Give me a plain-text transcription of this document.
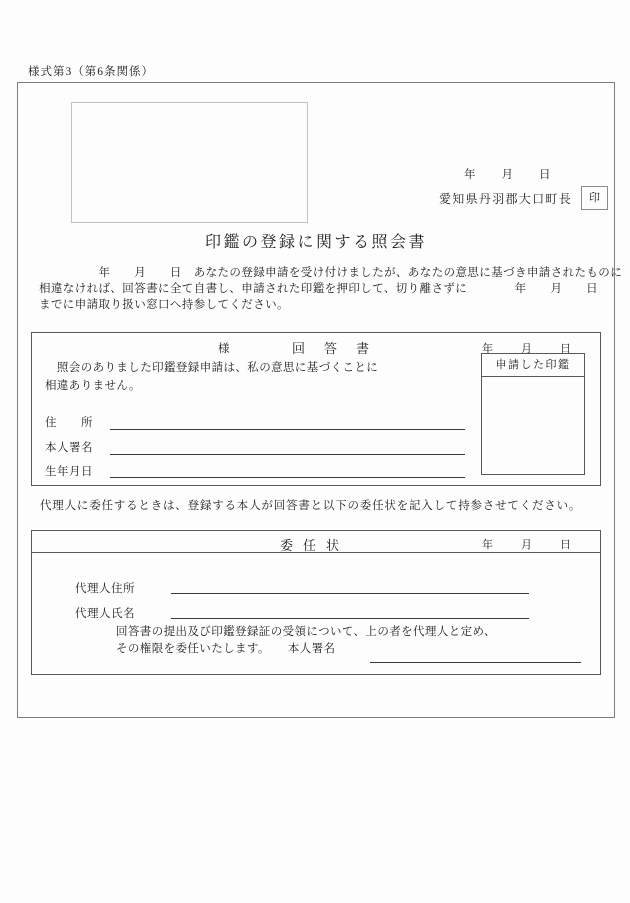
様式第3（第6条関係）
年　　月　　日
愛知県丹羽郡大口町長	印
印鑑の登録に関する照会書
　　　　　年　　月　　日　あなたの登録申請を受け付けましたが、あなたの意思に基づき申請されたものに
相違なければ、回答書に全て自書し、申請された印鑑を押印して、切り離さずに　　　　年　　月　　日
までに申請取り扱い窓口へ持参してください。
様	回答書	年　　月　　日
申請した印鑑
　照会のありました印鑑登録申請は、私の意思に基づくことに
相違ありません。
住　　所
本人署名
生年月日
代理人に委任するときは、登録する本人が回答書と以下の委任状を記入して持参させてください。
委任状	年　　月　　日
代理人住所
代理人氏名
回答書の提出及び印鑑登録証の受領について、上の者を代理人と定め、
その権限を委任いたします。　　本人署名
